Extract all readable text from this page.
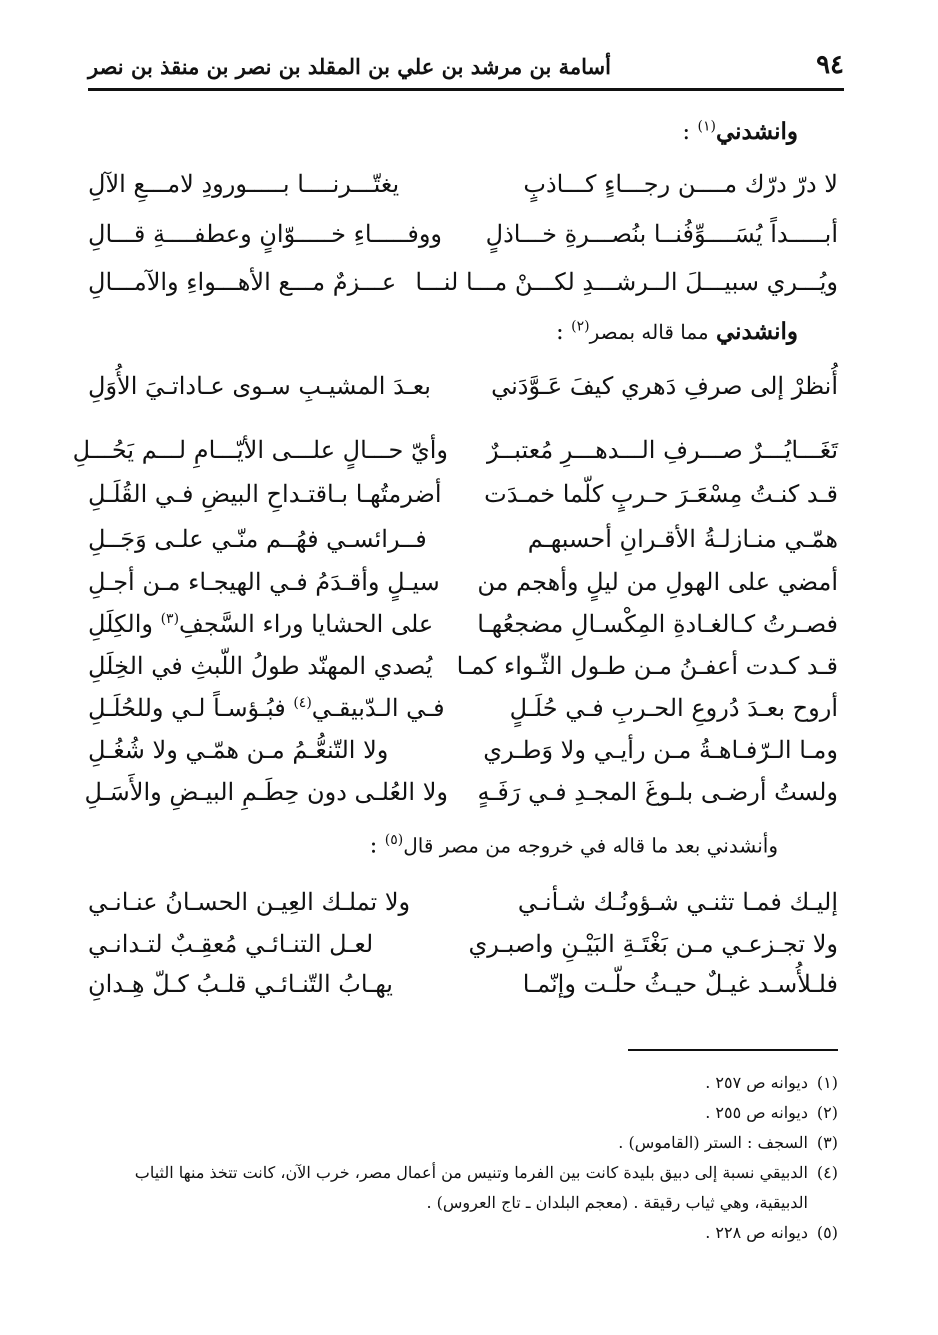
٩٤
أسامة بن مرشد بن علي بن المقلد بن نصر بن منقذ بن نصر
وانشدني$^{(١)}$ :
لا درّ درّك مــــن رجـــاءٍ كـــاذبٍ
يغتّـــرنــــا بـــــورودِ لامـــعِ الآلِ
أبـــــداً يُسَــــوِّفُنــا بنُصـــرةِ خـــاذلٍ
ووفـــــاءِ خـــــوّانٍ وعطفــــةِ قـــالِ
ويُـــري سبيـــلَ الــرشـــدِ لكـــنْ مـــا لنـــا
عـــزمٌ مـــع الأهـــواءِ والآمـــالِ
وانشدني مما قاله بمصر$^{(٢)}$ :
أُنظرْ إلى صرفِ دَهري كيفَ عَـوَّدَني
بعـدَ المشيـبِ سـوى عـاداتـيَ الأُوَلِ
تَغَـــايُـــرٌ صـــرفِ الـــدهـــرِ مُعتبــرٌ
وأيّ حـــالٍ علـــى الأيّـــامِ لـــم يَحُـــلِ
قـد كنـتُ مِسْعَـرَ حـربٍ كلّما خمـدَت
أضرمتُهـا بـاقتـداحِ البيضِ فـي القُلَـلِ
همّـي منـازلـةُ الأقـرانِ أحسبهـم
فــرائسـي فهُــم منّـي علـى وَجَــلِ
أمضي على الهولِ من ليلٍ وأهجم من
سيـلٍ وأقـدَمُ فـي الهيجـاء مـن أجـلِ
فصـرتُ كـالغـادةِ المِكْسـالِ مضجعُهـا
على الحشايا وراء السَّجفِ$^{(٣)}$ والكِلَلِ
قـد كـدت أعفـنُ مـن طـول الثّـواء كمـا
يُصدي المهنّد طولُ اللّبثِ في الخِلَلِ
أروح بعـدَ دُروعِ الحـربِ فـي حُلَـلٍ
فـي الـدّبيقـي$^{(٤)}$ فبُـؤسـاً لـي وللحُلَـلِ
ومـا الـرّفـاهـةُ مـن رأيـي ولا وَطـري
ولا التّنعُّـمُ مـن همّـي ولا شُغُـلِ
ولستُ أرضـى بلـوغَ المجـدِ فـي رَفَـهٍ
ولا العُلـى دون حِطَـمِ البيـضِ والأَسَـلِ
وأنشدني بعد ما قاله في خروجه من مصر قال$^{(٥)}$ :
إليـك فمـا تثنـي شـؤونُـك شـأنـي
ولا تملـك العِيـن الحسـانُ عنـانـي
ولا تجـزعـي مـن بَغْتَـةِ البَيْـنِ واصبـري
لعـل التنـائـي مُعقِـبٌ لتـدانـي
فلـلأُسـد غيـلٌ حيـثُ حلّـت وإنّمـا
يهـابُ التّنـائـي قلـبُ كـلّ هِـدانِ
(١)
ديوانه ص ٢٥٧ .
(٢)
ديوانه ص ٢٥٥ .
(٣)
السجف : الستر (القاموس) .
(٤)
الدبيقي نسبة إلى دبيق بليدة كانت بين الفرما وتنيس من أعمال مصر، خرب الآن، كانت تتخذ منها الثياب الدبيقية، وهي ثياب رقيقة . (معجم البلدان ـ تاج العروس) .
(٥)
ديوانه ص ٢٢٨ .
